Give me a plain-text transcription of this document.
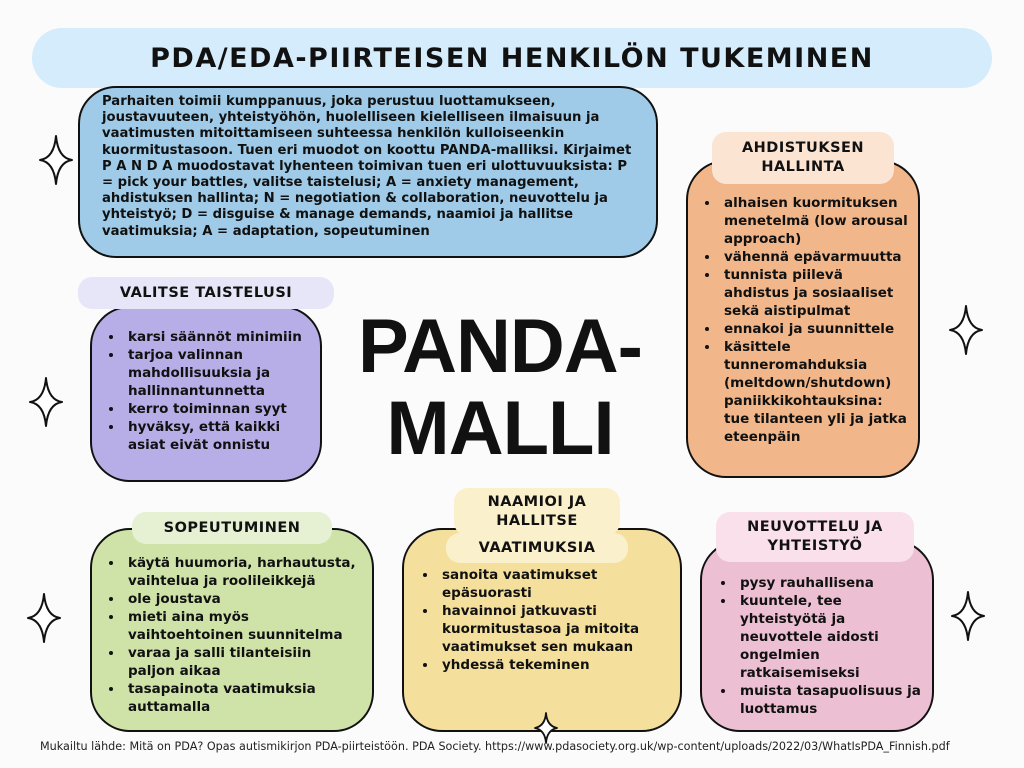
PDA/EDA-PIIRTEISEN HENKILÖN TUKEMINEN

Parhaiten toimii kumppanuus, joka perustuu luottamukseen, joustavuuteen, yhteistyöhön, huolelliseen kielelliseen ilmaisuun ja vaatimusten mitoittamiseen suhteessa henkilön kulloiseenkin kuormitustasoon. Tuen eri muodot on koottu PANDA-malliksi. Kirjaimet P A N D A muodostavat lyhenteen toimivan tuen eri ulottuvuuksista: P = pick your battles, valitse taistelusi; A = anxiety management, ahdistuksen hallinta; N = negotiation & collaboration, neuvottelu ja yhteistyö; D = disguise & manage demands, naamioi ja hallitse vaatimuksia; A = adaptation, sopeutuminen

PANDA-
MALLI
• karsi säännöt minimiin
• tarjoa valinnan mahdollisuuksia ja hallinnantunnetta
• kerro toiminnan syyt
• hyväksy, että kaikki asiat eivät onnistu
VALITSE TAISTELUSI
• alhaisen kuormituksen menetelmä (low arousal approach)
• vähennä epävarmuutta
• tunnista piilevä ahdistus ja sosiaaliset sekä aistipulmat
• ennakoi ja suunnittele
• käsittele tunneromahduksia (meltdown/shutdown) paniikkikohtauksina: tue tilanteen yli ja jatka eteenpäin
AHDISTUKSEN
HALLINTA
• käytä huumoria, harhautusta, vaihtelua ja roolileikkejä
• ole joustava
• mieti aina myös vaihtoehtoinen suunnitelma
• varaa ja salli tilanteisiin paljon aikaa
• tasapainota vaatimuksia auttamalla
SOPEUTUMINEN
• sanoita vaatimukset epäsuorasti
• havainnoi jatkuvasti kuormitustasoa ja mitoita vaatimukset sen mukaan
• yhdessä tekeminen
NAAMIOI JA
HALLITSE
VAATIMUKSIA
• pysy rauhallisena
• kuuntele, tee yhteistyötä ja neuvottele aidosti ongelmien ratkaisemiseksi
• muista tasapuolisuus ja luottamus
NEUVOTTELU JA
YHTEISTYÖ
Mukailtu lähde: Mitä on PDA? Opas autismikirjon PDA-piirteistöön. PDA Society. https://www.pdasociety.org.uk/wp-content/uploads/2022/03/WhatIsPDA_Finnish.pdf
